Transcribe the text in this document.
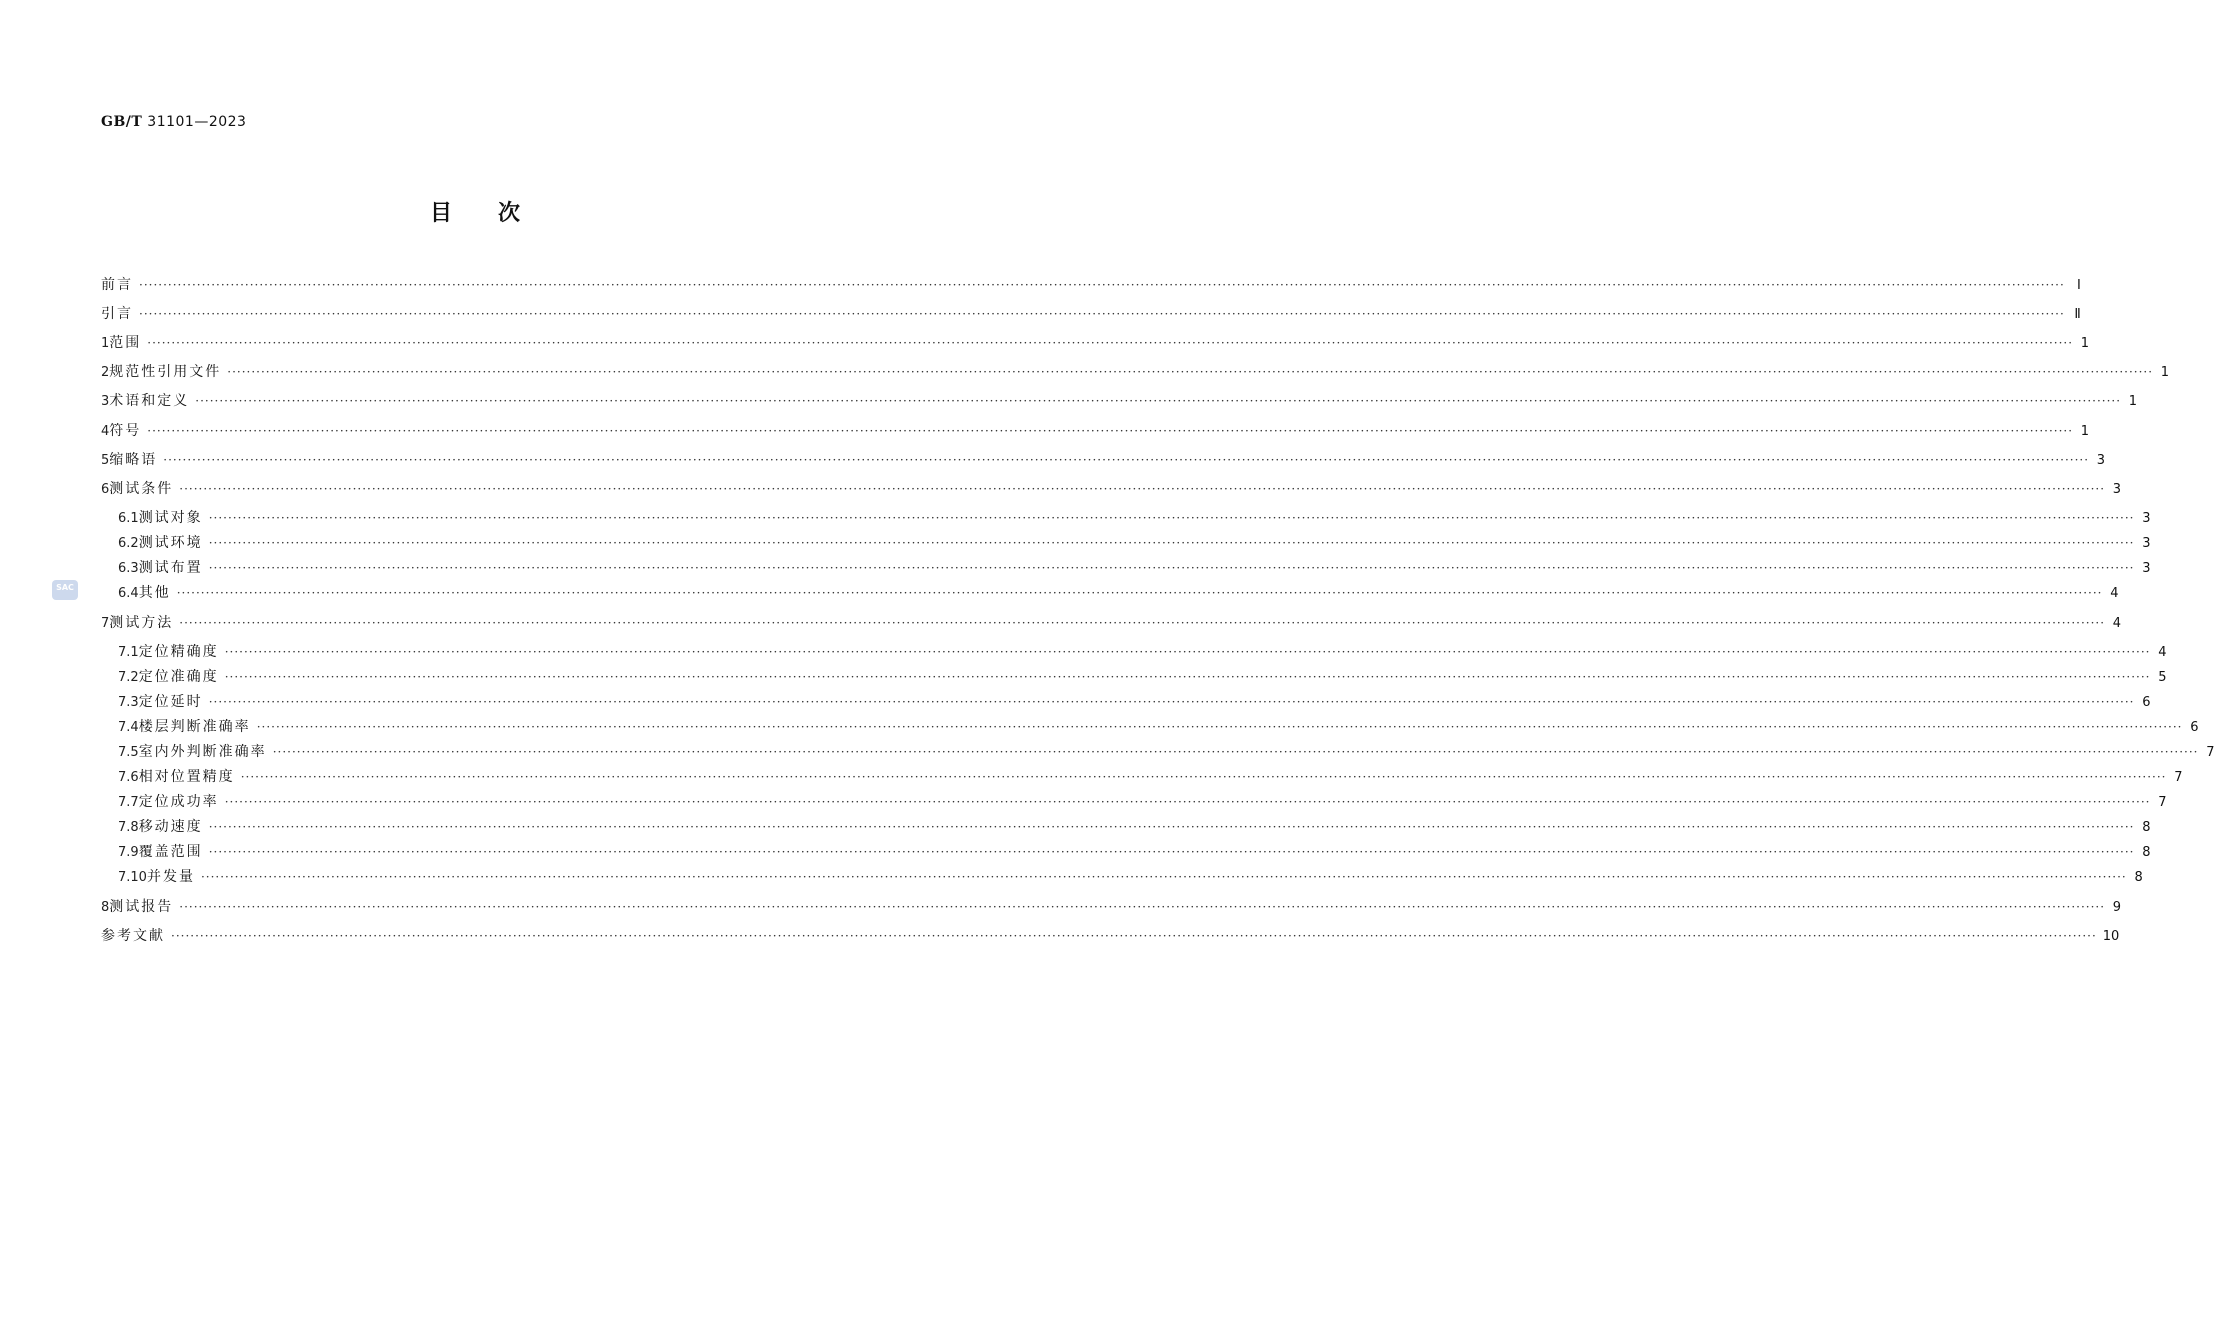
GB/T 31101—2023
目次
SAC
前言 ················································································································································································································································································································································································································ Ⅰ
引言 ················································································································································································································································································································································································································ Ⅱ
1 范围 ················································································································································································································································································································································································································ 1
2 规范性引用文件 ················································································································································································································································································································································································································ 1
3 术语和定义 ················································································································································································································································································································································································································ 1
4 符号 ················································································································································································································································································································································································································ 1
5 缩略语 ················································································································································································································································································································································································································ 3
6 测试条件 ················································································································································································································································································································································································································ 3
6.1 测试对象 ················································································································································································································································································································································································································ 3
6.2 测试环境 ················································································································································································································································································································································································································ 3
6.3 测试布置 ················································································································································································································································································································································································································ 3
6.4 其他 ················································································································································································································································································································································································································ 4
7 测试方法 ················································································································································································································································································································································································································ 4
7.1 定位精确度 ················································································································································································································································································································································································································ 4
7.2 定位准确度 ················································································································································································································································································································································································································ 5
7.3 定位延时 ················································································································································································································································································································································································································ 6
7.4 楼层判断准确率 ················································································································································································································································································································································································································ 6
7.5 室内外判断准确率 ················································································································································································································································································································································································································ 7
7.6 相对位置精度 ················································································································································································································································································································································································································ 7
7.7 定位成功率 ················································································································································································································································································································································································································ 7
7.8 移动速度 ················································································································································································································································································································································································································ 8
7.9 覆盖范围 ················································································································································································································································································································································································································ 8
7.10 并发量 ················································································································································································································································································································································································································ 8
8 测试报告 ················································································································································································································································································································································································································ 9
参考文献 ················································································································································································································································································································································································································ 10
